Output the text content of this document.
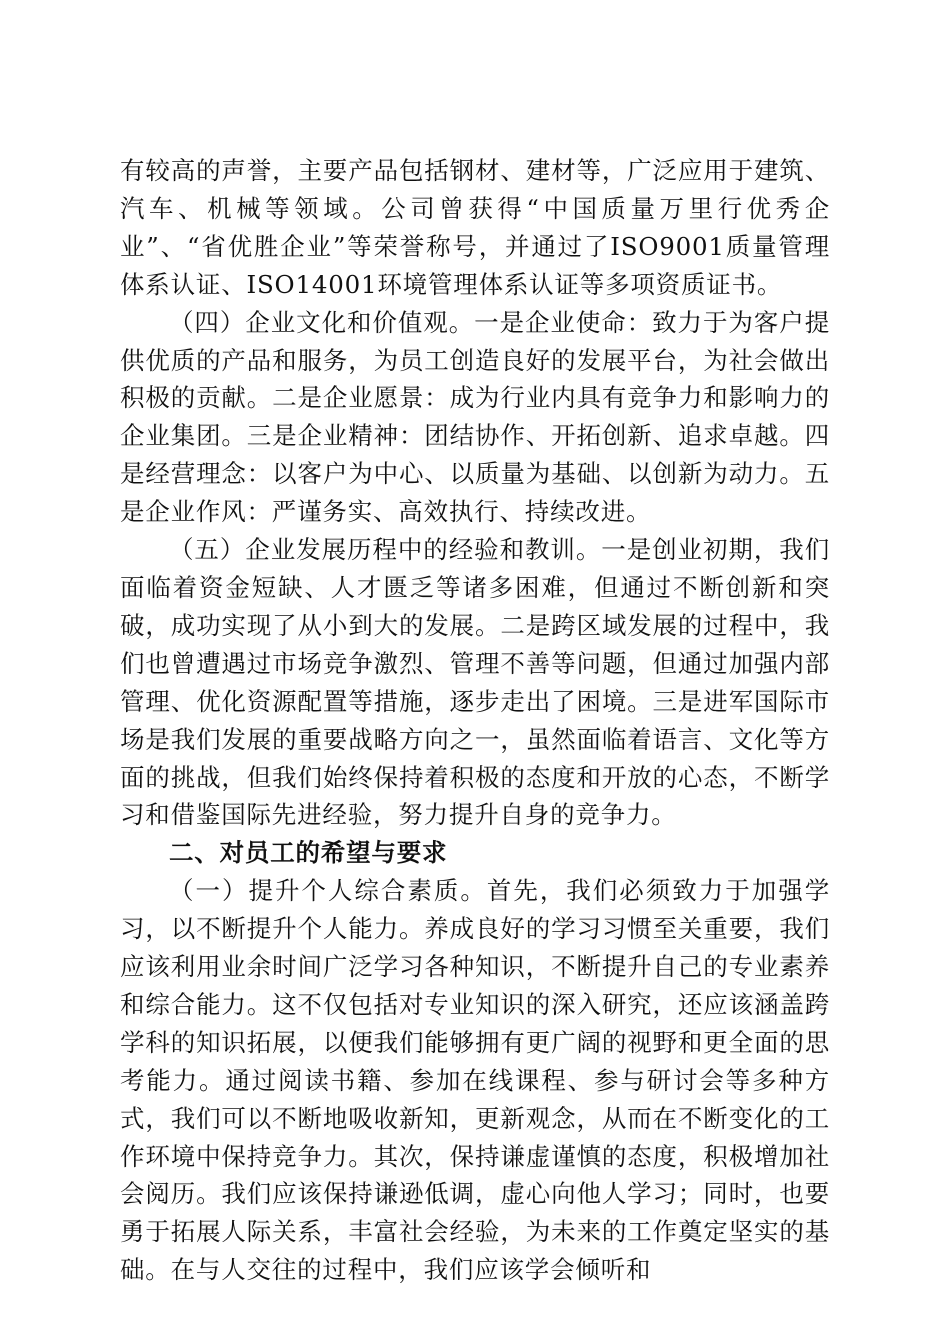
有较高的声誉，主要产品包括钢材、建材等，广泛应用于建筑、汽车、机械等领域。公司曾获得“中国质量万里行优秀企业”、“省优胜企业”等荣誉称号，并通过了ISO9001质量管理体系认证、ISO14001环境管理体系认证等多项资质证书。

（四）企业文化和价值观。一是企业使命：致力于为客户提供优质的产品和服务，为员工创造良好的发展平台，为社会做出积极的贡献。二是企业愿景：成为行业内具有竞争力和影响力的企业集团。三是企业精神：团结协作、开拓创新、追求卓越。四是经营理念：以客户为中心、以质量为基础、以创新为动力。五是企业作风：严谨务实、高效执行、持续改进。

（五）企业发展历程中的经验和教训。一是创业初期，我们面临着资金短缺、人才匮乏等诸多困难，但通过不断创新和突破，成功实现了从小到大的发展。二是跨区域发展的过程中，我们也曾遭遇过市场竞争激烈、管理不善等问题，但通过加强内部管理、优化资源配置等措施，逐步走出了困境。三是进军国际市场是我们发展的重要战略方向之一，虽然面临着语言、文化等方面的挑战，但我们始终保持着积极的态度和开放的心态，不断学习和借鉴国际先进经验，努力提升自身的竞争力。

二、对员工的希望与要求

（一）提升个人综合素质。首先，我们必须致力于加强学习，以不断提升个人能力。养成良好的学习习惯至关重要，我们应该利用业余时间广泛学习各种知识，不断提升自己的专业素养和综合能力。这不仅包括对专业知识的深入研究，还应该涵盖跨学科的知识拓展，以便我们能够拥有更广阔的视野和更全面的思考能力。通过阅读书籍、参加在线课程、参与研讨会等多种方式，我们可以不断地吸收新知，更新观念，从而在不断变化的工作环境中保持竞争力。其次，保持谦虚谨慎的态度，积极增加社会阅历。我们应该保持谦逊低调，虚心向他人学习；同时，也要勇于拓展人际关系，丰富社会经验，为未来的工作奠定坚实的基础。在与人交往的过程中，我们应该学会倾听和
